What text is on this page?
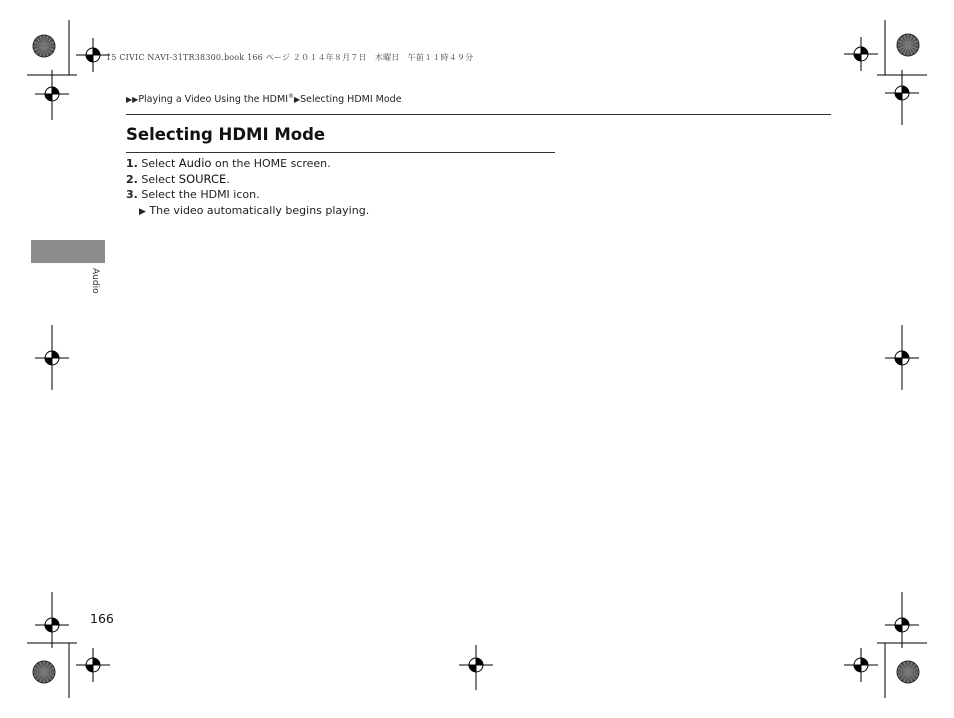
15 CIVIC NAVI-31TR38300.book 166 ページ ２０１４年８月７日　木曜日　午前１１時４９分
▶▶Playing a Video Using the HDMI®▶Selecting HDMI Mode
Selecting HDMI Mode
1. Select Audio on the HOME screen.
2. Select SOURCE.
3. Select the HDMI icon.
▶ The video automatically begins playing.
Audio
166
